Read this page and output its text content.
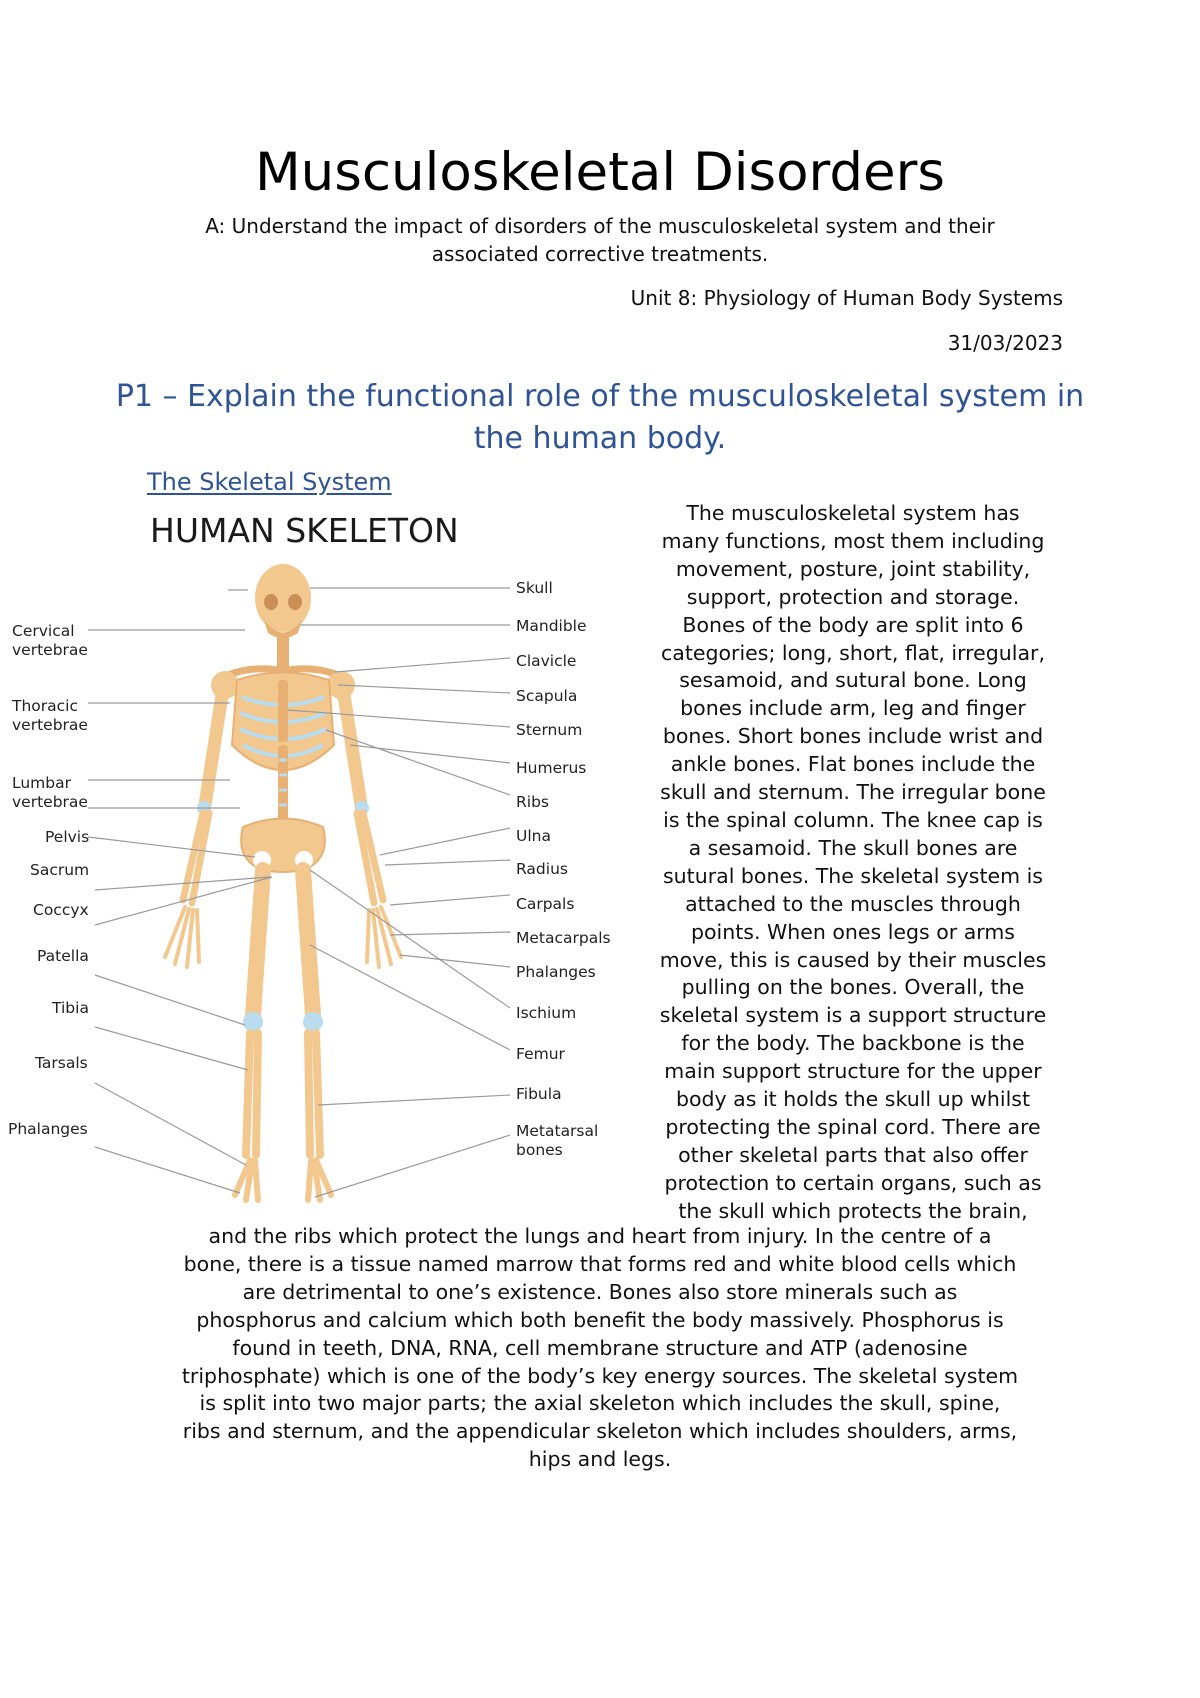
Musculoskeletal Disorders
A: Understand the impact of disorders of the musculoskeletal system and their associated corrective treatments.
Unit 8: Physiology of Human Body Systems
31/03/2023
P1 – Explain the functional role of the musculoskeletal system in the human body.
The Skeletal System
HUMAN SKELETON
Cervical
vertebrae
Thoracic
vertebrae
Lumbar
vertebrae
Pelvis
Sacrum
Coccyx
Patella
Tibia
Tarsals
Phalanges
Skull
Mandible
Clavicle
Scapula
Sternum
Humerus
Ribs
Ulna
Radius
Carpals
Metacarpals
Phalanges
Ischium
Femur
Fibula
Metatarsal
bones
The musculoskeletal system has
many functions, most them including
movement, posture, joint stability,
support, protection and storage.
Bones of the body are split into 6
categories; long, short, flat, irregular,
sesamoid, and sutural bone. Long
bones include arm, leg and finger
bones. Short bones include wrist and
ankle bones. Flat bones include the
skull and sternum. The irregular bone
is the spinal column. The knee cap is
a sesamoid. The skull bones are
sutural bones. The skeletal system is
attached to the muscles through
points. When ones legs or arms
move, this is caused by their muscles
pulling on the bones. Overall, the
skeletal system is a support structure
for the body. The backbone is the
main support structure for the upper
body as it holds the skull up whilst
protecting the spinal cord. There are
other skeletal parts that also offer
protection to certain organs, such as
the skull which protects the brain,
and the ribs which protect the lungs and heart from injury. In the centre of a
bone, there is a tissue named marrow that forms red and white blood cells which
are detrimental to one’s existence. Bones also store minerals such as
phosphorus and calcium which both benefit the body massively. Phosphorus is
found in teeth, DNA, RNA, cell membrane structure and ATP (adenosine
triphosphate) which is one of the body’s key energy sources. The skeletal system
is split into two major parts; the axial skeleton which includes the skull, spine,
ribs and sternum, and the appendicular skeleton which includes shoulders, arms,
hips and legs.
